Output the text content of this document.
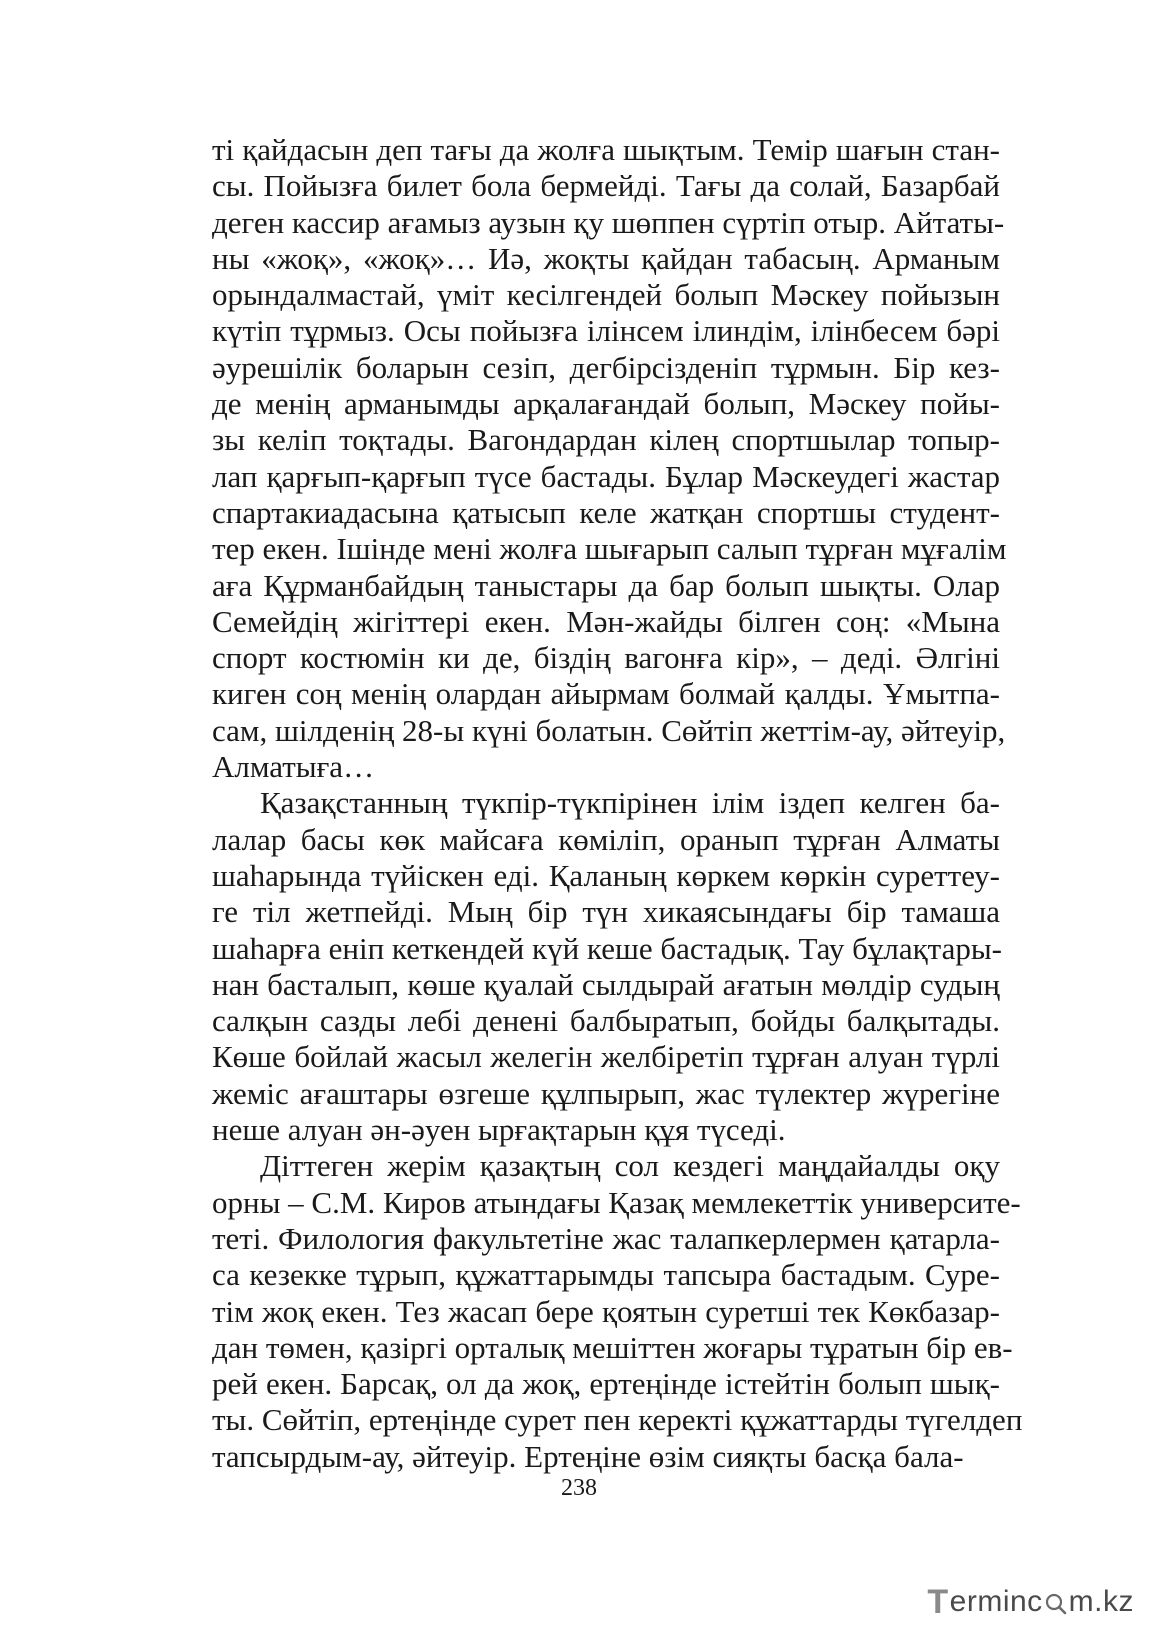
ті қайдасын деп тағы да жолға шықтым. Темір шағын стан-
сы. Пойызға билет бола бермейді. Тағы да солай, Базарбай
деген кассир ағамыз аузын қу шөппен сүртіп отыр. Айтаты-
ны «жоқ», «жоқ»… Иә, жоқты қайдан табасың. Арманым
орындалмастай, үміт кесілгендей болып Мәскеу пойызын
күтіп тұрмыз. Осы пойызға ілінсем ілиндім, ілінбесем бәрі
әурешілік боларын сезіп, дегбірсізденіп тұрмын. Бір кез-
де менің арманымды арқалағандай болып, Мәскеу пойы-
зы келіп тоқтады. Вагондардан кілең спортшылар топыр-
лап қарғып-қарғып түсе бастады. Бұлар Мәскеудегі жастар
спартакиадасына қатысып келе жатқан спортшы студент-
тер екен. Ішінде мені жолға шығарып салып тұрған мұғалім
аға Құрманбайдың таныстары да бар болып шықты. Олар
Семейдің жігіттері екен. Мән-жайды білген соң: «Мына
спорт костюмін ки де, біздің вагонға кір», – деді. Әлгіні
киген соң менің олардан айырмам болмай қалды. Ұмытпа-
сам, шілденің 28-ы күні болатын. Сөйтіп жеттім-ау, әйтеуір,
Алматыға…
Қазақстанның түкпір-түкпірінен ілім іздеп келген ба-
лалар басы көк майсаға көміліп, оранып тұрған Алматы
шаһарында түйіскен еді. Қаланың көркем көркін суреттеу-
ге тіл жетпейді. Мың бір түн хикаясындағы бір тамаша
шаһарға еніп кеткендей күй кеше бастадық. Тау бұлақтары-
нан басталып, көше қуалай сылдырай ағатын мөлдір судың
салқын сазды лебі денені балбыратып, бойды балқытады.
Көше бойлай жасыл желегін желбіретіп тұрған алуан түрлі
жеміс ағаштары өзгеше құлпырып, жас түлектер жүрегіне
неше алуан ән-әуен ырғақтарын құя түседі.
Діттеген жерім қазақтың сол кездегі маңдайалды оқу
орны – С.М. Киров атындағы Қазақ мемлекеттік университе-
теті. Филология факультетіне жас талапкерлермен қатарла-
са кезекке тұрып, құжаттарымды тапсыра бастадым. Суре-
тім жоқ екен. Тез жасап бере қоятын суретші тек Көкбазар-
дан төмен, қазіргі орталық мешіттен жоғары тұратын бір ев-
рей екен. Барсақ, ол да жоқ, ертеңінде істейтін болып шық-
ты. Сөйтіп, ертеңінде сурет пен керекті құжаттарды түгелдеп
тапсырдым-ау, әйтеуір. Ертеңіне өзім сияқты басқа бала-
238
T erminc m.kz
